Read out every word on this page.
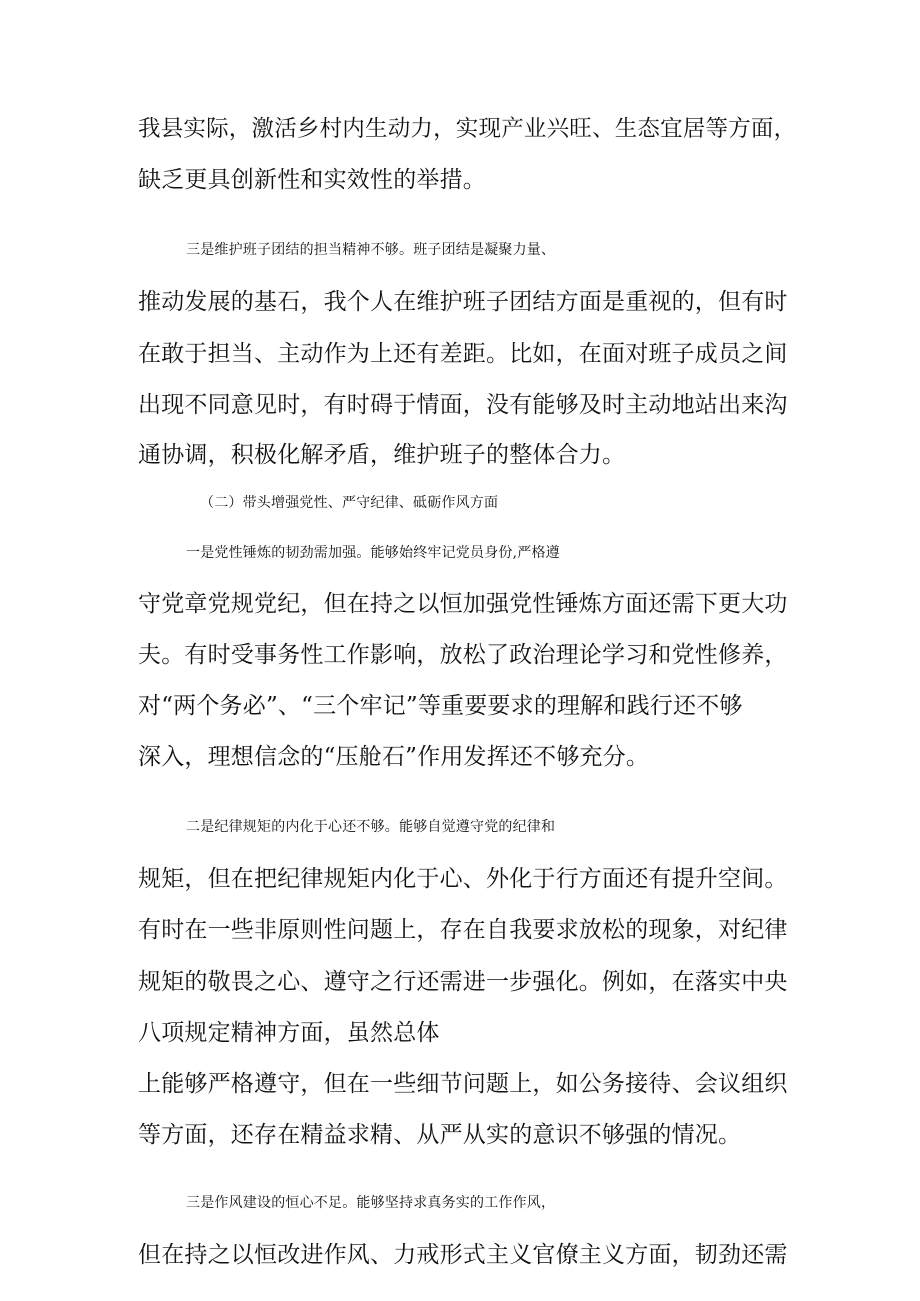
我县实际，激活乡村内生动力，实现产业兴旺、生态宜居等方面，
缺乏更具创新性和实效性的举措。
三是维护班子团结的担当精神不够。班子团结是凝聚力量、
推动发展的基石，我个人在维护班子团结方面是重视的，但有时
在敢于担当、主动作为上还有差距。比如，在面对班子成员之间
出现不同意见时，有时碍于情面，没有能够及时主动地站出来沟
通协调，积极化解矛盾，维护班子的整体合力。
（二）带头增强党性、严守纪律、砥砺作风方面
一是党性锤炼的韧劲需加强。能够始终牢记党员身份,严格遵
守党章党规党纪，但在持之以恒加强党性锤炼方面还需下更大功
夫。有时受事务性工作影响，放松了政治理论学习和党性修养，
对“两个务必”、“三个牢记”等重要要求的理解和践行还不够
深入，理想信念的“压舱石”作用发挥还不够充分。
二是纪律规矩的内化于心还不够。能够自觉遵守党的纪律和
规矩，但在把纪律规矩内化于心、外化于行方面还有提升空间。
有时在一些非原则性问题上，存在自我要求放松的现象，对纪律
规矩的敬畏之心、遵守之行还需进一步强化。例如，在落实中央
八项规定精神方面，虽然总体
上能够严格遵守，但在一些细节问题上，如公务接待、会议组织
等方面，还存在精益求精、从严从实的意识不够强的情况。
三是作风建设的恒心不足。能够坚持求真务实的工作作风，
但在持之以恒改进作风、力戒形式主义官僚主义方面，韧劲还需
